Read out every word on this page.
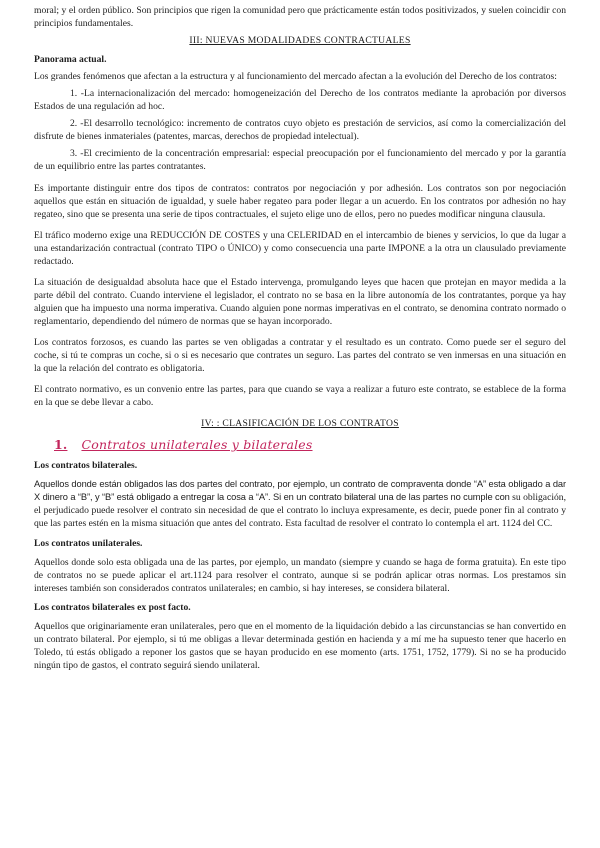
moral; y el orden público. Son principios que rigen la comunidad pero que prácticamente están todos positivizados, y suelen coincidir con principios fundamentales.

III: NUEVAS MODALIDADES CONTRACTUALES

Panorama actual.

Los grandes fenómenos que afectan a la estructura y al funcionamiento del mercado afectan a la evolución del Derecho de los contratos:

1. -La internacionalización del mercado: homogeneización del Derecho de los contratos mediante la aprobación por diversos Estados de una regulación ad hoc.

2. -El desarrollo tecnológico: incremento de contratos cuyo objeto es prestación de servicios, así como la comercialización del disfrute de bienes inmateriales (patentes, marcas, derechos de propiedad intelectual).

3. -El crecimiento de la concentración empresarial: especial preocupación por el funcionamiento del mercado y por la garantía de un equilibrio entre las partes contratantes.

Es importante distinguir entre dos tipos de contratos: contratos por negociación y por adhesión. Los contratos son por negociación aquellos que están en situación de igualdad, y suele haber regateo para poder llegar a un acuerdo. En los contratos por adhesión no hay regateo, sino que se presenta una serie de tipos contractuales, el sujeto elige uno de ellos, pero no puedes modificar ninguna clausula.

El tráfico moderno exige una REDUCCIÓN DE COSTES y una CELERIDAD en el intercambio de bienes y servicios, lo que da lugar a una estandarización contractual (contrato TIPO o ÚNICO) y como consecuencia una parte IMPONE a la otra un clausulado previamente redactado.

La situación de desigualdad absoluta hace que el Estado intervenga, promulgando leyes que hacen que protejan en mayor medida a la parte débil del contrato. Cuando interviene el legislador, el contrato no se basa en la libre autonomía de los contratantes, porque ya hay alguien que ha impuesto una norma imperativa. Cuando alguien pone normas imperativas en el contrato, se denomina contrato normado o reglamentario, dependiendo del número de normas que se hayan incorporado.

Los contratos forzosos, es cuando las partes se ven obligadas a contratar y el resultado es un contrato. Como puede ser el seguro del coche, si tú te compras un coche, si o si es necesario que contrates un seguro. Las partes del contrato se ven inmersas en una situación en la que la relación del contrato es obligatoria.

El contrato normativo, es un convenio entre las partes, para que cuando se vaya a realizar a futuro este contrato, se establece de la forma en la que se debe llevar a cabo.

IV: : CLASIFICACIÓN DE LOS CONTRATOS
1. Contratos unilaterales y bilaterales

Los contratos bilaterales.

Aquellos donde están obligados las dos partes del contrato, por ejemplo, un contrato de compraventa donde “A” esta obligado a dar X dinero a “B”, y “B” está obligado a entregar la cosa a “A”. Si en un contrato bilateral una de las partes no cumple con su obligación, el perjudicado puede resolver el contrato sin necesidad de que el contrato lo incluya expresamente, es decir, puede poner fin al contrato y que las partes estén en la misma situación que antes del contrato. Esta facultad de resolver el contrato lo contempla el art. 1124 del CC.

Los contratos unilaterales.

Aquellos donde solo esta obligada una de las partes, por ejemplo, un mandato (siempre y cuando se haga de forma gratuita). En este tipo de contratos no se puede aplicar el art.1124 para resolver el contrato, aunque si se podrán aplicar otras normas. Los prestamos sin intereses también son considerados contratos unilaterales; en cambio, si hay intereses, se considera bilateral.

Los contratos bilaterales ex post facto.

Aquellos que originariamente eran unilaterales, pero que en el momento de la liquidación debido a las circunstancias se han convertido en un contrato bilateral. Por ejemplo, si tú me obligas a llevar determinada gestión en hacienda y a mí me ha supuesto tener que hacerlo en Toledo, tú estás obligado a reponer los gastos que se hayan producido en ese momento (arts. 1751, 1752, 1779). Si no se ha producido ningún tipo de gastos, el contrato seguirá siendo unilateral.
